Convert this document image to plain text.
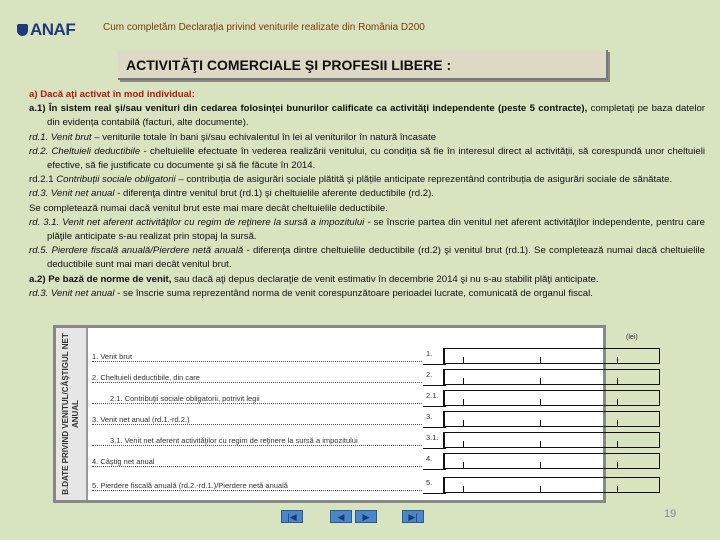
ANAF	Cum completăm Declarația privind veniturile realizate din România D200
ACTIVITĂŢI COMERCIALE ŞI PROFESII LIBERE :

a) Dacă aţi activat în mod individual:

a.1) În sistem real şi/sau venituri din cedarea folosinţei bunurilor calificate ca activităţi independente (peste 5 contracte), completaţi pe baza datelor din evidența contabilă (facturi, alte documente).

rd.1. Venit brut – veniturile totale în bani şi/sau echivalentul în lei al veniturilor în natură încasate

rd.2. Cheltuieli deductibile - cheltuielile efectuate în vederea realizării venitului, cu condiția să fie în interesul direct al activității, să corespundă unor cheltuieli efective, să fie justificate cu documente şi să fie făcute în 2014.

rd.2.1 Contribuții sociale obligatorii – contribuția de asigurări sociale plătită şi plățile anticipate reprezentând contribuția de asigurări sociale de sănătate.

rd.3. Venit net anual - diferenţa dintre venitul brut (rd.1) şi cheltuielile aferente deductibile (rd.2).

Se completează numai dacă venitul brut este mai mare decât cheltuielile deductibile.

rd. 3.1. Venit net aferent activităţilor cu regim de reţinere la sursă a impozitului - se înscrie partea din venitul net aferent activităţilor independente, pentru care plăţile anticipate s-au realizat prin stopaj la sursă.

rd.5. Pierdere fiscală anuală/Pierdere netă anuală - diferenţa dintre cheltuielile deductibile (rd.2) şi venitul brut (rd.1). Se completează numai dacă cheltuielile deductibile sunt mai mari decât venitul brut.

a.2) Pe bază de norme de venit, sau dacă aţi depus declaraţie de venit estimativ în decembrie 2014 şi nu s-au stabilit plăţi anticipate.

rd.3. Venit net anual - se înscrie suma reprezentând norma de venit corespunzătoare perioadei lucrate, comunicată de organul fiscal.

B.DATE PRIVIND VENITUL/CÂŞTIGUL NET ANUAL
(lei)
1. Venit brut	1.
2. Cheltuieli deductibile, din care	2.
2.1. Contribuţii sociale obligatorii, potrivit legii	2.1.
3. Venit net anual (rd.1.-rd.2.)	3.
3.1. Venit net aferent activităţilor cu regim de reţinere la sursă a impozitului	3.1.
4. Câştig net anual	4.
5. Pierdere fiscală anuală (rd.2.-rd.1.)/Pierdere netă anuală	5.
|◀	◀	▶	▶|	19
